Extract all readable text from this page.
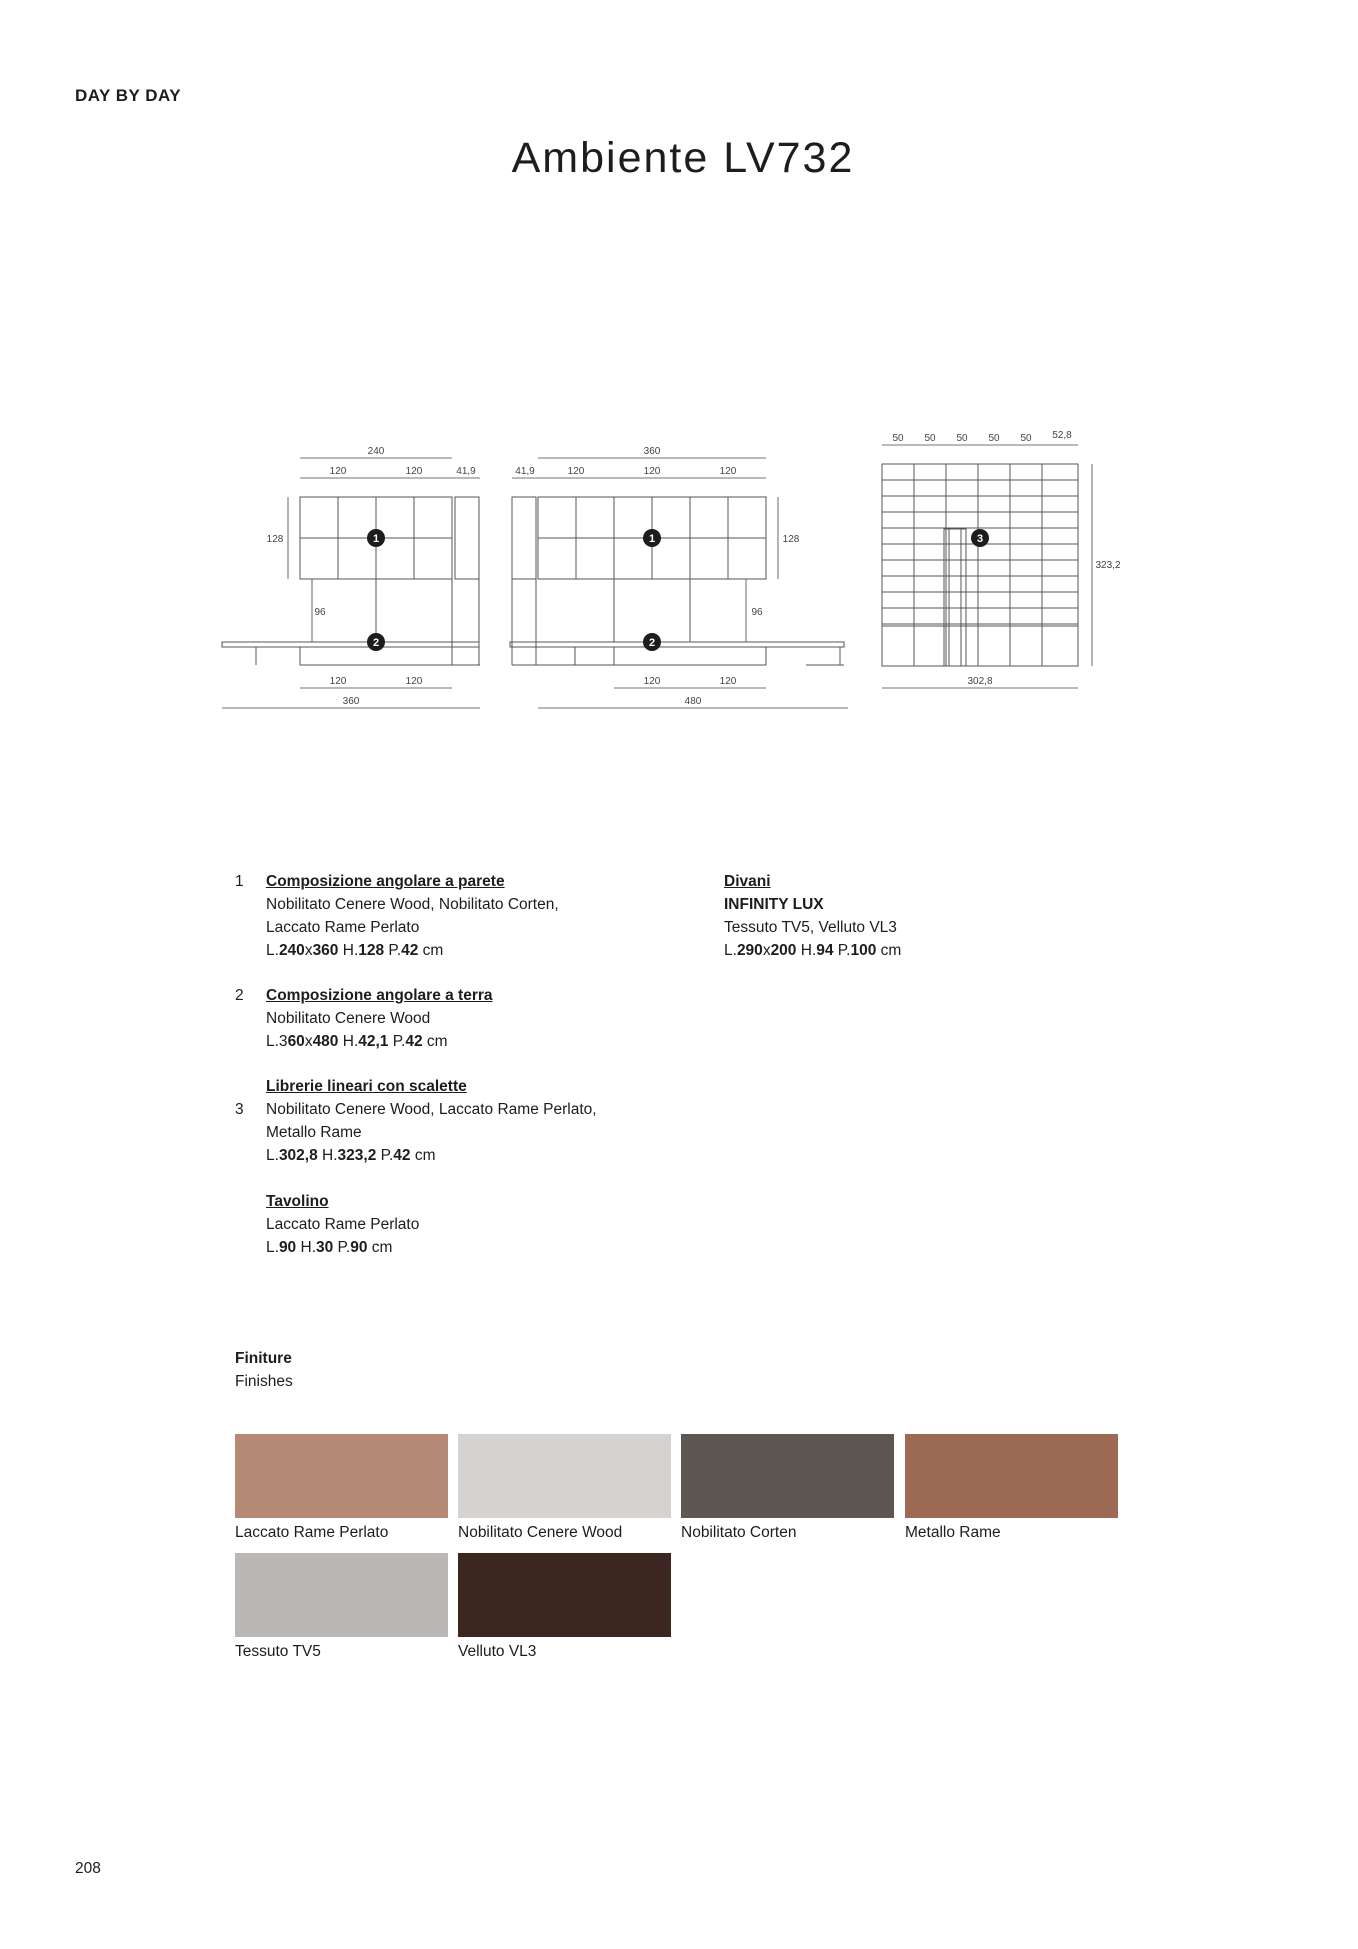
DAY BY DAY
Ambiente LV732
240
120	120	41,9
128
96
120	120
360
1
2
360
41,9	120	120	120
128
96
120	120
480
1
2
50 50 50 50 50 52,8
323,2
302,8
3
1 Composizione angolare a parete
Nobilitato Cenere Wood, Nobilitato Corten,
Laccato Rame Perlato
L.240x360 H.128 P.42 cm
2 Composizione angolare a terra
Nobilitato Cenere Wood
L.360x480 H.42,1 P.42 cm
3
Librerie lineari con scalette
Nobilitato Cenere Wood, Laccato Rame Perlato,
Metallo Rame
L.302,8 H.323,2 P.42 cm
Tavolino
Laccato Rame Perlato
L.90 H.30 P.90 cm
Divani
INFINITY LUX
Tessuto TV5, Velluto VL3
L.290x200 H.94 P.100 cm
Finiture
Finishes
Laccato Rame Perlato	Nobilitato Cenere Wood	Nobilitato Corten	Metallo Rame
Tessuto TV5	Velluto VL3
208
